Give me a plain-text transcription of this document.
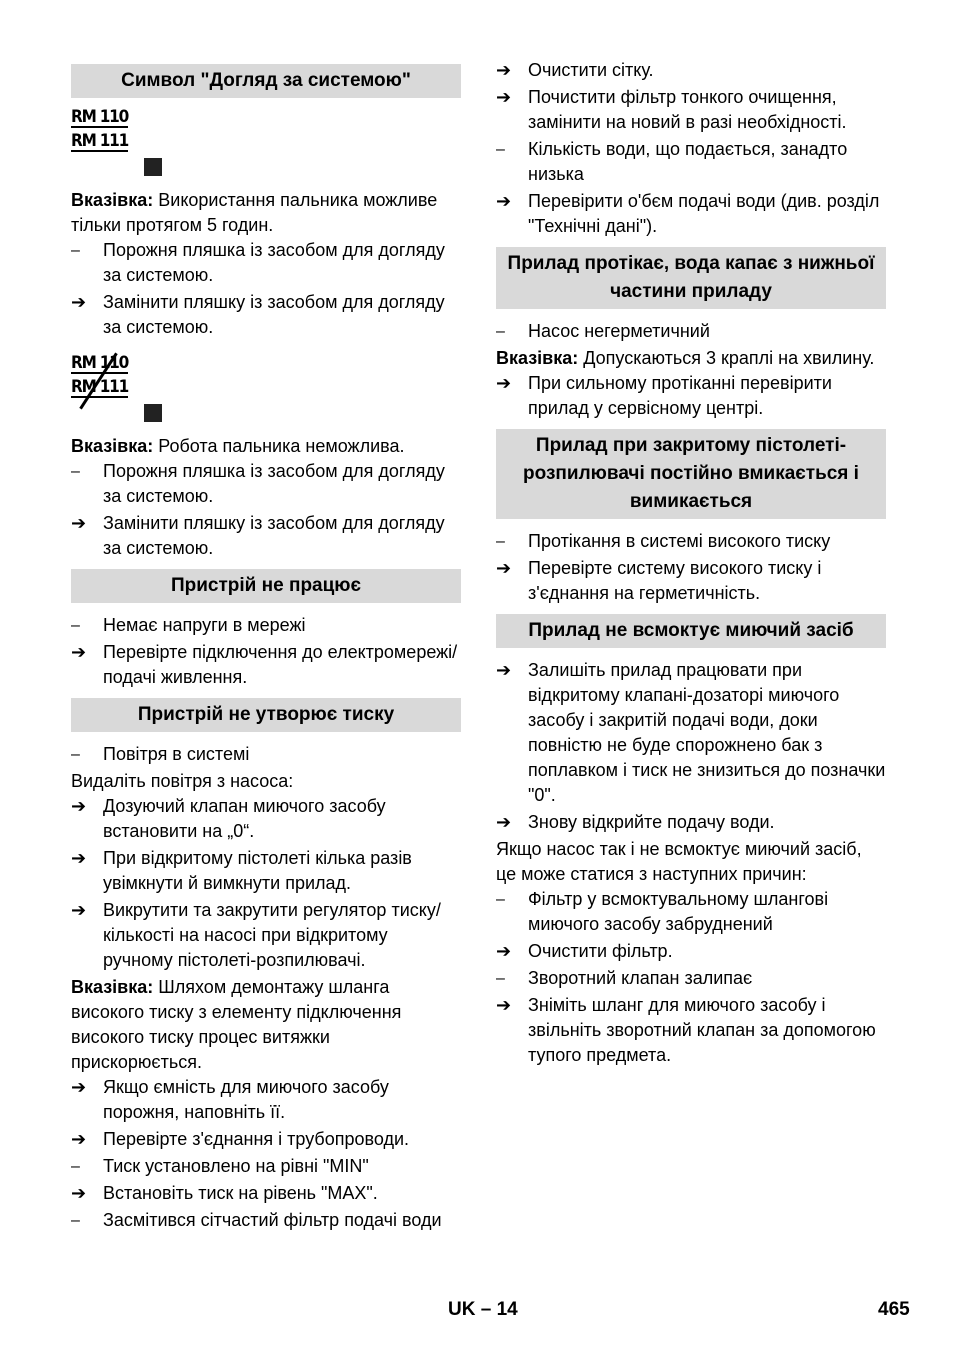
Символ "Догляд за системою"
RM 110
RM 111

Вказівка: Використання пальника можливе тільки протягом 5 годин.

–	Порожня пляшка із засобом для догляду за системою.
➔ Замінити пляшку із засобом для догляду за системою.
RM 110
RM 111

Вказівка: Робота пальника неможлива.

–	Порожня пляшка із засобом для догляду за системою.
➔ Замінити пляшку із засобом для догляду за системою.
Пристрій не працює
–	Немає напруги в мережі
➔ Перевірте підключення до електромережі/подачі живлення.
Пристрій не утворює тиску
–	Повітря в системі

Видаліть повітря з насоса:

➔ Дозуючий клапан миючого засобу встановити на „0“.
➔ При відкритому пістолеті кілька разів увімкнути й вимкнути прилад.
➔ Викрутити та закрутити регулятор тиску/кількості на насосі при відкритому ручному пістолеті-розпилювачі.

Вказівка: Шляхом демонтажу шланга високого тиску з елементу підключення високого тиску процес витяжки прискорюється.

➔ Якщо ємність для миючого засобу порожня, наповніть її.
➔ Перевірте з'єднання і трубопроводи.
–	Тиск установлено на рівні "MIN"
➔ Встановіть тиск на рівень "MAX".
–	Засмітився сітчастий фільтр подачі води
➔ Очистити сітку.
➔ Почистити фільтр тонкого очищення, замінити на новий в разі необхідності.
–	Кількість води, що подається, занадто низька
➔ Перевірити о'бєм подачі води (див. розділ "Технічні дані").
Прилад протікає, вода капає з нижньої частини приладу
–	Насос негерметичний

Вказівка: Допускаються 3 краплі на хвилину.

➔ При сильному протіканні перевірити прилад у сервісному центрі.
Прилад при закритому пістолеті-розпилювачі постійно вмикається і вимикається
–	Протікання в системі високого тиску
➔ Перевірте систему високого тиску і з'єднання на герметичність.
Прилад не всмоктує миючий засіб
➔ Залишіть прилад працювати при відкритому клапані-дозаторі миючого засобу і закритій подачі води, доки повністю не буде спорожнено бак з поплавком і тиск не знизиться до позначки "0".
➔ Знову відкрийте подачу води.

Якщо насос так і не всмоктує миючий засіб, це може статися з наступних причин:

–	Фільтр у всмоктувальному шлангові миючого засобу забруднений
➔ Очистити фільтр.
–	Зворотний клапан залипає
➔ Зніміть шланг для миючого засобу і звільніть зворотний клапан за допомогою тупого предмета.
UK – 14	465
